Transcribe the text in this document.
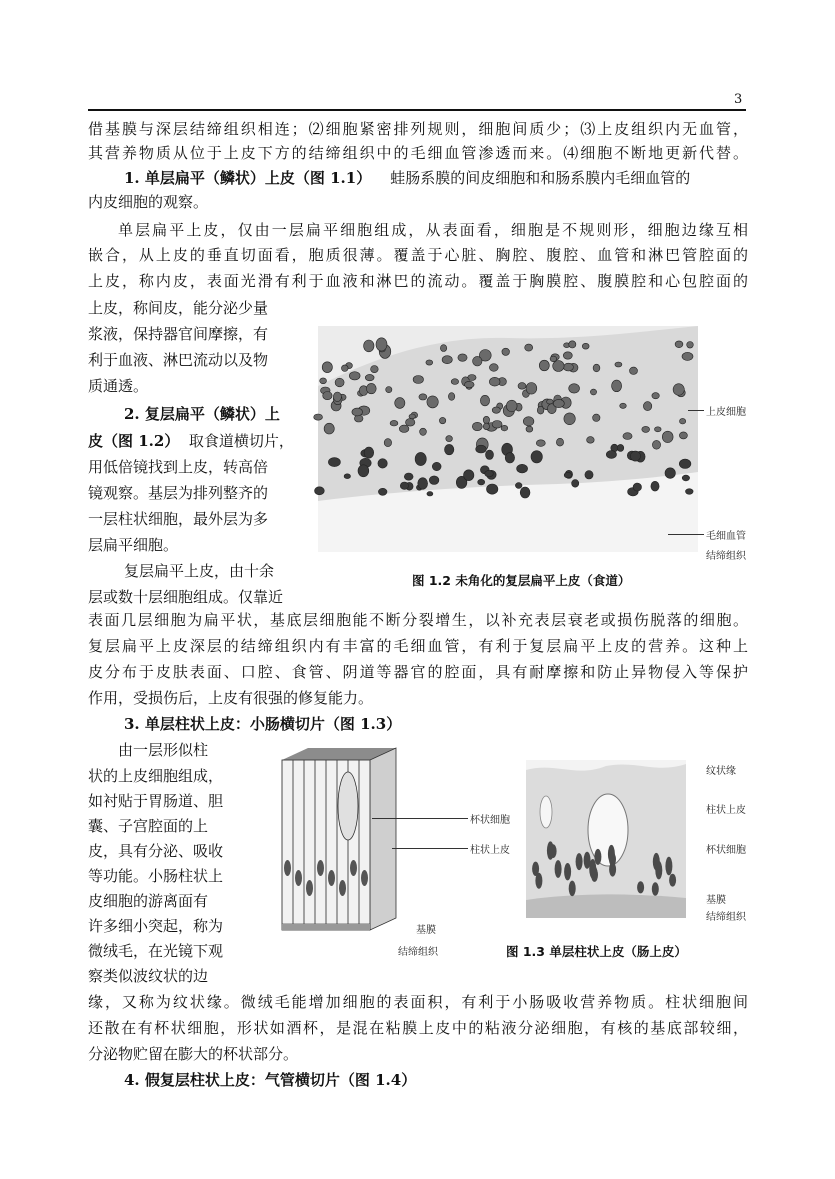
3
借基膜与深层结缔组织相连；⑵细胞紧密排列规则，细胞间质少；⑶上皮组织内无血管，
其营养物质从位于上皮下方的结缔组织中的毛细血管渗透而来。⑷细胞不断地更新代替。
1. 单层扁平（鳞状）上皮（图 1.1） 蛙肠系膜的间皮细胞和和肠系膜内毛细血管的
内皮细胞的观察。
单层扁平上皮，仅由一层扁平细胞组成，从表面看，细胞是不规则形，细胞边缘互相
嵌合，从上皮的垂直切面看，胞质很薄。覆盖于心脏、胸腔、腹腔、血管和淋巴管腔面的
上皮，称内皮，表面光滑有利于血液和淋巴的流动。覆盖于胸膜腔、腹膜腔和心包腔面的
上皮，称间皮，能分泌少量
浆液，保持器官间摩擦，有
利于血液、淋巴流动以及物
质通透。
2. 复层扁平（鳞状）上
皮（图 1.2） 取食道横切片，
用低倍镜找到上皮，转高倍
镜观察。基层为排列整齐的
一层柱状细胞，最外层为多
层扁平细胞。
复层扁平上皮，由十余
层或数十层细胞组成。仅靠近
表面几层细胞为扁平状，基底层细胞能不断分裂增生，以补充表层衰老或损伤脱落的细胞。
复层扁平上皮深层的结缔组织内有丰富的毛细血管，有利于复层扁平上皮的营养。这种上
皮分布于皮肤表面、口腔、食管、阴道等器官的腔面，具有耐摩擦和防止异物侵入等保护
作用，受损伤后，上皮有很强的修复能力。
上皮细胞
毛细血管
结缔组织
图 1.2 未角化的复层扁平上皮（食道）
3. 单层柱状上皮：小肠横切片（图 1.3）
由一层形似柱
状的上皮细胞组成，
如衬贴于胃肠道、胆
囊、子宫腔面的上
皮，具有分泌、吸收
等功能。小肠柱状上
皮细胞的游离面有
许多细小突起，称为
微绒毛，在光镜下观
察类似波纹状的边
缘，又称为纹状缘。微绒毛能增加细胞的表面积，有利于小肠吸收营养物质。柱状细胞间
还散在有杯状细胞，形状如酒杯，是混在粘膜上皮中的粘液分泌细胞，有核的基底部较细，
分泌物贮留在膨大的杯状部分。
杯状细胞
柱状上皮
基膜
结缔组织
纹状缘
柱状上皮
杯状细胞
基膜
结缔组织
图 1.3 单层柱状上皮（肠上皮）
4. 假复层柱状上皮：气管横切片（图 1.4）
